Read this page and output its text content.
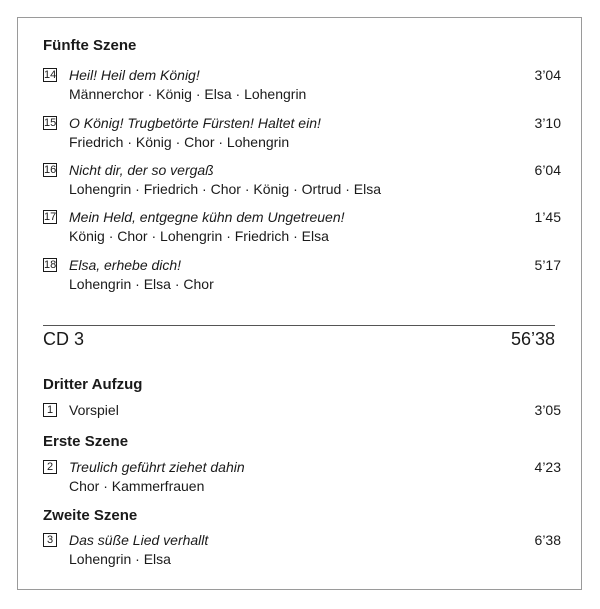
Fünfte Szene
14 Heil! Heil dem König!	3’04
Männerchor · König · Elsa · Lohengrin
15 O König! Trugbetörte Fürsten! Haltet ein!	3’10
Friedrich · König · Chor · Lohengrin
16 Nicht dir, der so vergaß	6’04
Lohengrin · Friedrich · Chor · König · Ortrud · Elsa
17 Mein Held, entgegne kühn dem Ungetreuen!	1’45
König · Chor · Lohengrin · Friedrich · Elsa
18 Elsa, erhebe dich!	5’17
Lohengrin · Elsa · Chor
CD 3	56’38
Dritter Aufzug
1 Vorspiel	3’05
Erste Szene
2 Treulich geführt ziehet dahin	4’23
Chor · Kammerfrauen
Zweite Szene
3 Das süße Lied verhallt	6’38
Lohengrin · Elsa
